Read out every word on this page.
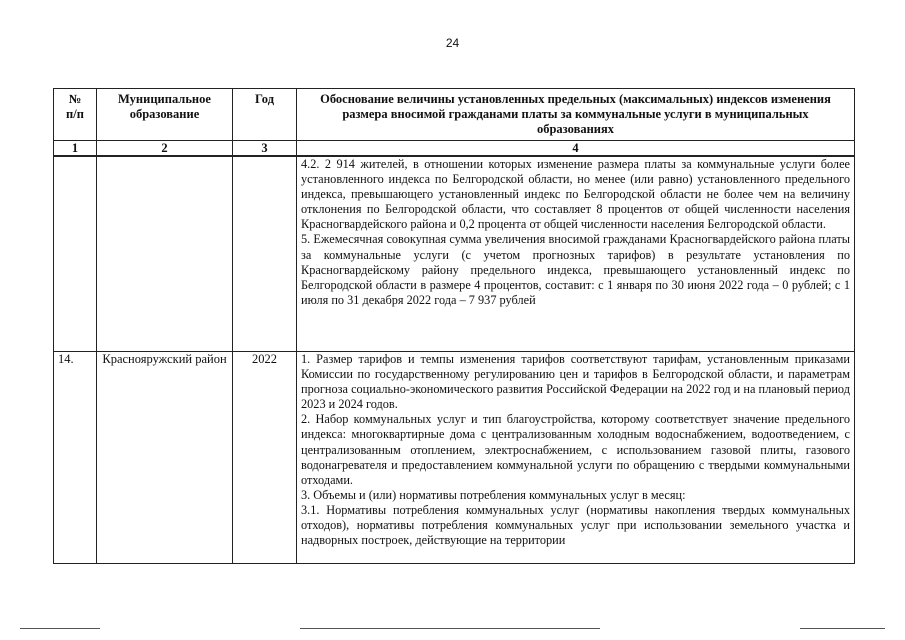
24
№
п/п	Муниципальное образование	Год	Обоснование величины установленных предельных (максимальных) индексов изменения размера вносимой гражданами платы за коммунальные услуги в муниципальных образованиях
1	2	3	4

			4.2. 2 914 жителей, в отношении которых изменение размера платы за коммунальные услуги более установленного индекса по Белгородской области, но менее (или равно) установленного предельного индекса, превышающего установленный индекс по Белгородской области не более чем на величину отклонения по Белгородской области, что составляет 8 процентов от общей численности населения Красногвардейского района и 0,2 процента от общей численности населения Белгородской области.

5. Ежемесячная совокупная сумма увеличения вносимой гражданами Красногвардейского района платы за коммунальные услуги (с учетом прогнозных тарифов) в результате установления по Красногвардейскому району предельного индекса, превышающего установленный индекс по Белгородской области в размере 4 процентов, составит: с 1 января по 30 июня 2022 года – 0 рублей; с 1 июля по 31 декабря 2022 года – 7 937 рублей

14.	Краснояружский район	2022	1. Размер тарифов и темпы изменения тарифов соответствуют тарифам, установленным приказами Комиссии по государственному регулированию цен и тарифов в Белгородской области, и параметрам прогноза социально-экономического развития Российской Федерации на 2022 год и на плановый период 2023 и 2024 годов.

2. Набор коммунальных услуг и тип благоустройства, которому соответствует значение предельного индекса: многоквартирные дома с централизованным холодным водоснабжением, водоотведением, с централизованным отоплением, электроснабжением, с использованием газовой плиты, газового водонагревателя и предоставлением коммунальной услуги по обращению с твердыми коммунальными отходами.

3. Объемы и (или) нормативы потребления коммунальных услуг в месяц:

3.1. Нормативы потребления коммунальных услуг (нормативы накопления твердых коммунальных отходов), нормативы потребления коммунальных услуг при использовании земельного участка и надворных построек, действующие на территории
